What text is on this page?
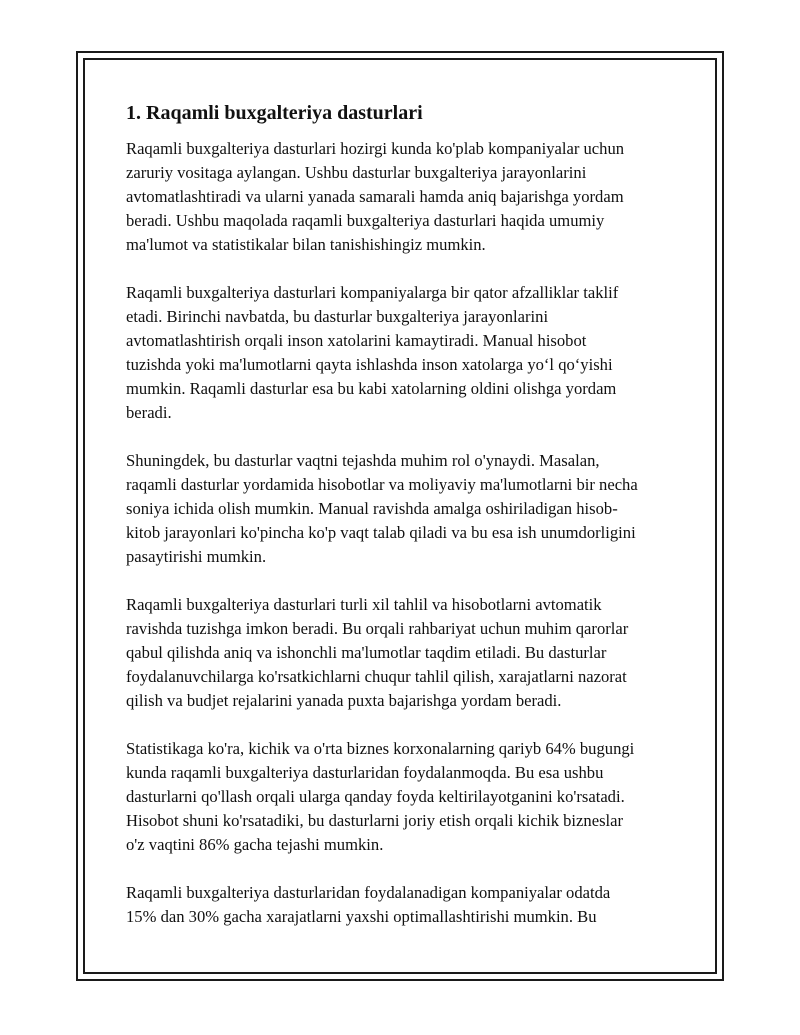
1. Raqamli buxgalteriya dasturlari
Raqamli buxgalteriya dasturlari hozirgi kunda ko'plab kompaniyalar uchun
zaruriy vositaga aylangan. Ushbu dasturlar buxgalteriya jarayonlarini
avtomatlashtiradi va ularni yanada samarali hamda aniq bajarishga yordam
beradi. Ushbu maqolada raqamli buxgalteriya dasturlari haqida umumiy
ma'lumot va statistikalar bilan tanishishingiz mumkin.
Raqamli buxgalteriya dasturlari kompaniyalarga bir qator afzalliklar taklif
etadi. Birinchi navbatda, bu dasturlar buxgalteriya jarayonlarini
avtomatlashtirish orqali inson xatolarini kamaytiradi. Manual hisobot
tuzishda yoki ma'lumotlarni qayta ishlashda inson xatolarga yo‘l qo‘yishi
mumkin. Raqamli dasturlar esa bu kabi xatolarning oldini olishga yordam
beradi.
Shuningdek, bu dasturlar vaqtni tejashda muhim rol o'ynaydi. Masalan,
raqamli dasturlar yordamida hisobotlar va moliyaviy ma'lumotlarni bir necha
soniya ichida olish mumkin. Manual ravishda amalga oshiriladigan hisob-
kitob jarayonlari ko'pincha ko'p vaqt talab qiladi va bu esa ish unumdorligini
pasaytirishi mumkin.
Raqamli buxgalteriya dasturlari turli xil tahlil va hisobotlarni avtomatik
ravishda tuzishga imkon beradi. Bu orqali rahbariyat uchun muhim qarorlar
qabul qilishda aniq va ishonchli ma'lumotlar taqdim etiladi. Bu dasturlar
foydalanuvchilarga ko'rsatkichlarni chuqur tahlil qilish, xarajatlarni nazorat
qilish va budjet rejalarini yanada puxta bajarishga yordam beradi.
Statistikaga ko'ra, kichik va o'rta biznes korxonalarning qariyb 64% bugungi
kunda raqamli buxgalteriya dasturlaridan foydalanmoqda. Bu esa ushbu
dasturlarni qo'llash orqali ularga qanday foyda keltirilayotganini ko'rsatadi.
Hisobot shuni ko'rsatadiki, bu dasturlarni joriy etish orqali kichik bizneslar
o'z vaqtini 86% gacha tejashi mumkin.
Raqamli buxgalteriya dasturlaridan foydalanadigan kompaniyalar odatda
15% dan 30% gacha xarajatlarni yaxshi optimallashtirishi mumkin. Bu
